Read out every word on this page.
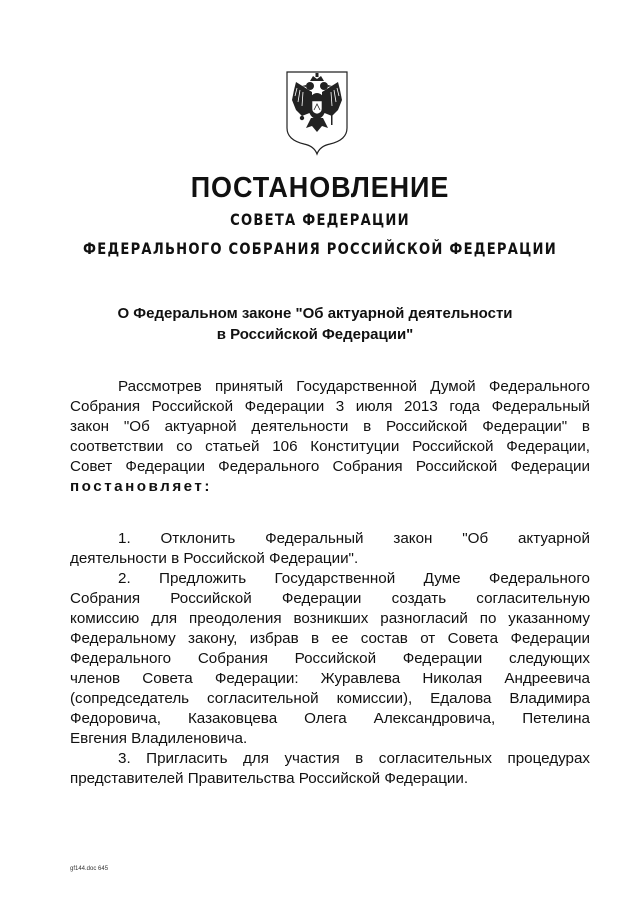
ПОСТАНОВЛЕНИЕ
СОВЕТА ФЕДЕРАЦИИ
ФЕДЕРАЛЬНОГО СОБРАНИЯ РОССИЙСКОЙ ФЕДЕРАЦИИ
О Федеральном законе "Об актуарной деятельности
в Российской Федерации"
Рассмотрев принятый Государственной Думой Федерального
Собрания Российской Федерации 3 июля 2013 года Федеральный
закон "Об актуарной деятельности в Российской Федерации" в
соответствии со статьей 106 Конституции Российской Федерации,
Совет Федерации Федерального Собрания Российской Федерации
постановляет:
1. Отклонить Федеральный закон "Об актуарной
деятельности в Российской Федерации".
2. Предложить Государственной Думе Федерального
Собрания Российской Федерации создать согласительную
комиссию для преодоления возникших разногласий по указанному
Федеральному закону, избрав в ее состав от Совета Федерации
Федерального Собрания Российской Федерации следующих
членов Совета Федерации: Журавлева Николая Андреевича
(сопредседатель согласительной комиссии), Едалова Владимира
Федоровича, Казаковцева Олега Александровича, Петелина
Евгения Владиленовича.
3. Пригласить для участия в согласительных процедурах
представителей Правительства Российской Федерации.
gf144.doc 645
